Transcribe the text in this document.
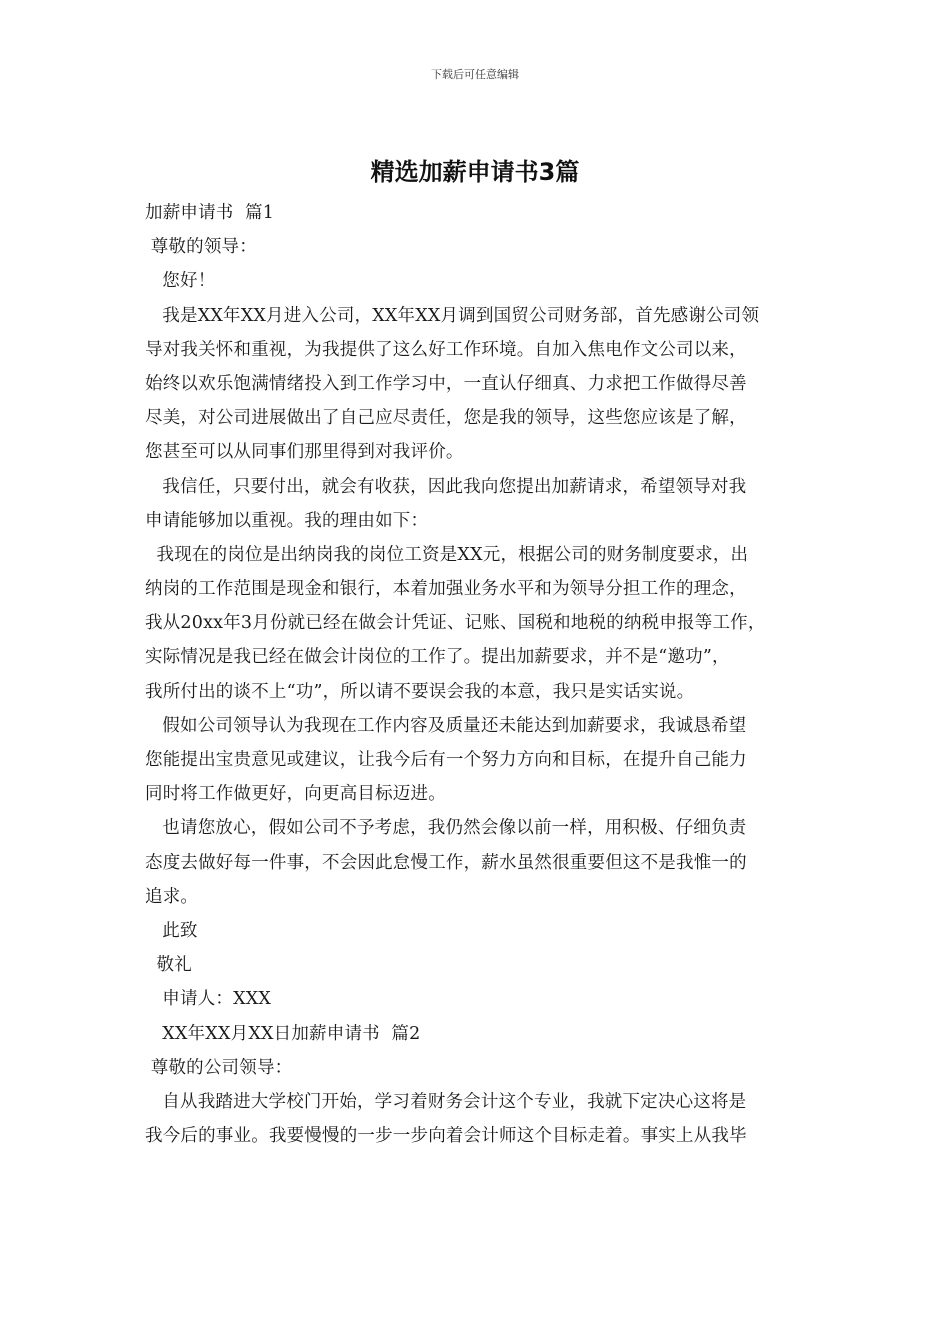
下载后可任意编辑
精选加薪申请书3篇
加薪申请书  篇1
尊敬的领导：
您好！
我是XX年XX月进入公司，XX年XX月调到国贸公司财务部，首先感谢公司领
导对我关怀和重视，为我提供了这么好工作环境。自加入焦电作文公司以来，
始终以欢乐饱满情绪投入到工作学习中，一直认仔细真、力求把工作做得尽善
尽美，对公司进展做出了自己应尽责任，您是我的领导，这些您应该是了解，
您甚至可以从同事们那里得到对我评价。
我信任，只要付出，就会有收获，因此我向您提出加薪请求，希望领导对我
申请能够加以重视。我的理由如下：
我现在的岗位是出纳岗我的岗位工资是XX元，根据公司的财务制度要求，出
纳岗的工作范围是现金和银行，本着加强业务水平和为领导分担工作的理念，
我从20xx年3月份就已经在做会计凭证、记账、国税和地税的纳税申报等工作，
实际情况是我已经在做会计岗位的工作了。提出加薪要求，并不是“邀功”，
我所付出的谈不上“功”，所以请不要误会我的本意，我只是实话实说。
假如公司领导认为我现在工作内容及质量还未能达到加薪要求，我诚恳希望
您能提出宝贵意见或建议，让我今后有一个努力方向和目标，在提升自己能力
同时将工作做更好，向更高目标迈进。
也请您放心，假如公司不予考虑，我仍然会像以前一样，用积极、仔细负责
态度去做好每一件事，不会因此怠慢工作，薪水虽然很重要但这不是我惟一的
追求。
此致
敬礼
申请人：XXX
XX年XX月XX日加薪申请书  篇2
尊敬的公司领导：
自从我踏进大学校门开始，学习着财务会计这个专业，我就下定决心这将是
我今后的事业。我要慢慢的一步一步向着会计师这个目标走着。事实上从我毕
